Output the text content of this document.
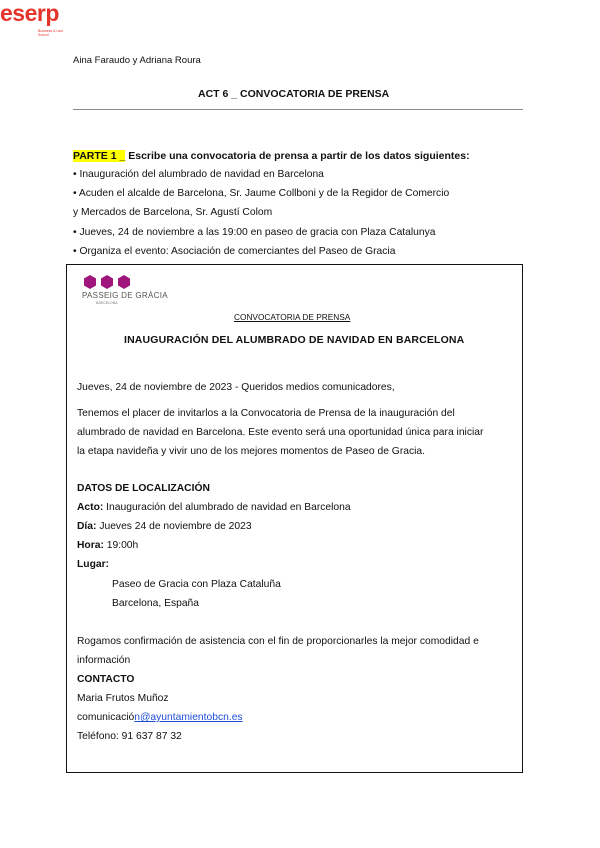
Aina Faraudo y Adriana Roura
eserp
Business & Law School
ACT 6 _ CONVOCATORIA DE PRENSA
PARTE 1 _ Escribe una convocatoria de prensa a partir de los datos siguientes:
• Inauguración del alumbrado de navidad en Barcelona
• Acuden el alcalde de Barcelona, Sr. Jaume Collboni y de la Regidor de Comercio
y Mercados de Barcelona, Sr. Agustí Colom
• Jueves, 24 de noviembre a las 19:00 en paseo de gracia con Plaza Catalunya
• Organiza el evento: Asociación de comerciantes del Paseo de Gracia
PASSEIG DE GRÀCIA
BARCELONA
CONVOCATORIA DE PRENSA
INAUGURACIÓN DEL ALUMBRADO DE NAVIDAD EN BARCELONA
Jueves, 24 de noviembre de 2023 - Queridos medios comunicadores,
Tenemos el placer de invitarlos a la Convocatoria de Prensa de la inauguración del
alumbrado de navidad en Barcelona. Este evento será una oportunidad única para iniciar
la etapa navideña y vivir uno de los mejores momentos de Paseo de Gracia.
DATOS DE LOCALIZACIÓN
Acto: Inauguración del alumbrado de navidad en Barcelona
Día: Jueves 24 de noviembre de 2023
Hora: 19:00h
Lugar:
Paseo de Gracia con Plaza Cataluña
Barcelona, España
Rogamos confirmación de asistencia con el fin de proporcionarles la mejor comodidad e
información
CONTACTO
Maria Frutos Muñoz
comunicación@ayuntamientobcn.es
Teléfono: 91 637 87 32
